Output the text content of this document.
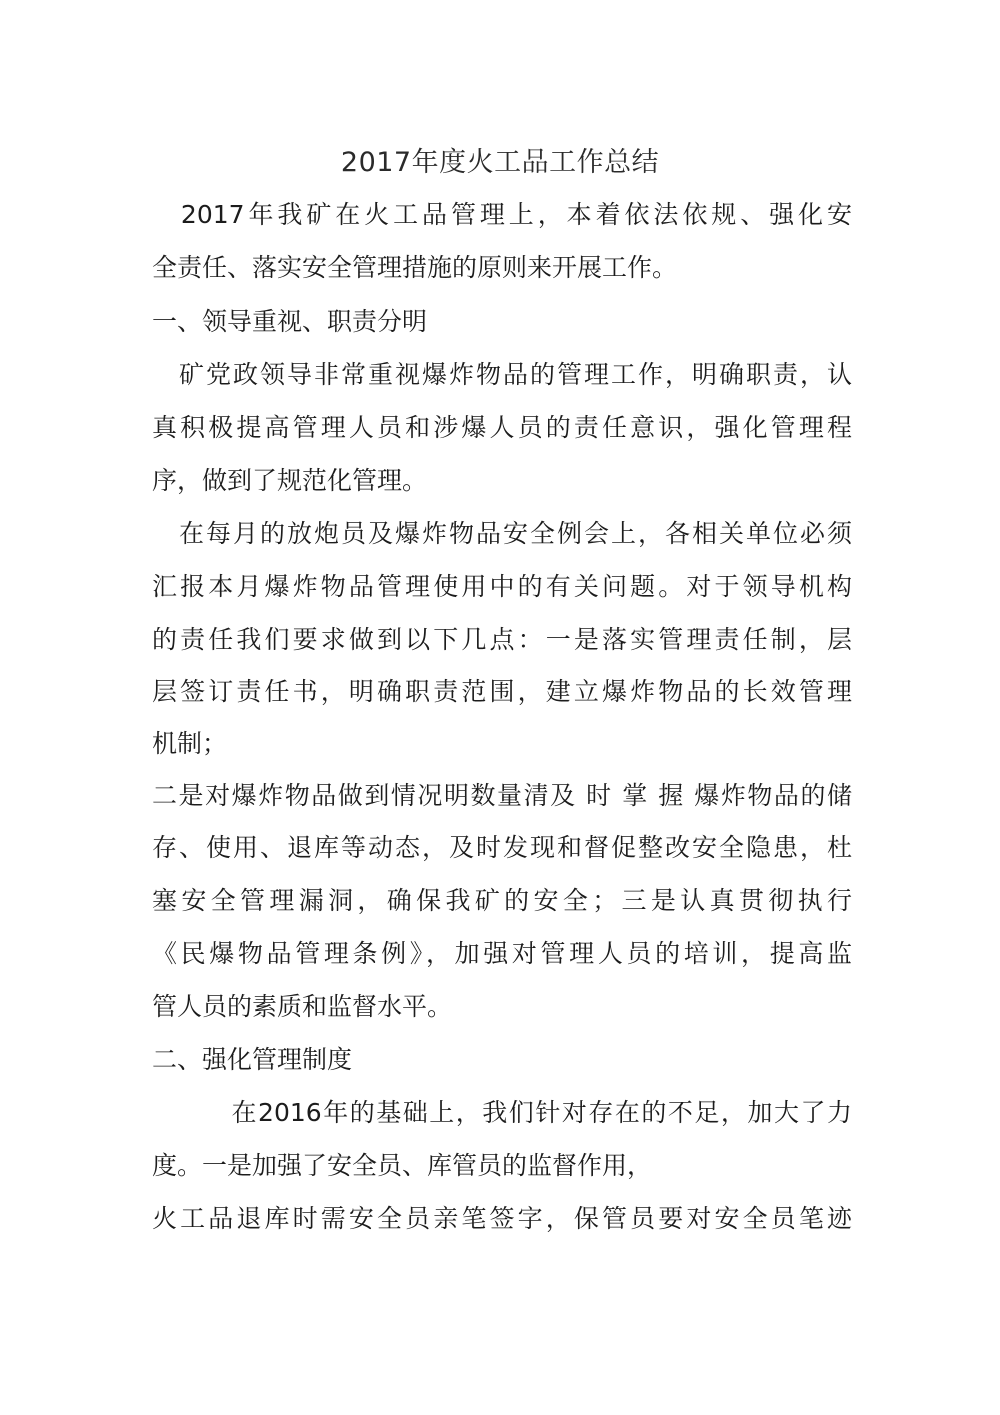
2017年度火工品工作总结
　2017年我矿在火工品管理上，本着依法依规、强化安
全责任、落实安全管理措施的原则来开展工作。
一、领导重视、职责分明
　矿党政领导非常重视爆炸物品的管理工作，明确职责，认
真积极提高管理人员和涉爆人员的责任意识，强化管理程
序，做到了规范化管理。
　在每月的放炮员及爆炸物品安全例会上，各相关单位必须
汇报本月爆炸物品管理使用中的有关问题。对于领导机构
的责任我们要求做到以下几点：一是落实管理责任制，层
层签订责任书，明确职责范围，建立爆炸物品的长效管理
机制；
二是对爆炸物品做到情况明数量清及 时 掌 握 爆炸物品的储
存、使用、退库等动态，及时发现和督促整改安全隐患，杜
塞安全管理漏洞，确保我矿的安全；三是认真贯彻执行
《民爆物品管理条例》，加强对管理人员的培训，提高监
管人员的素质和监督水平。
二、强化管理制度
　　　在2016年的基础上，我们针对存在的不足，加大了力
度。一是加强了安全员、库管员的监督作用，
火工品退库时需安全员亲笔签字，保管员要对安全员笔迹
